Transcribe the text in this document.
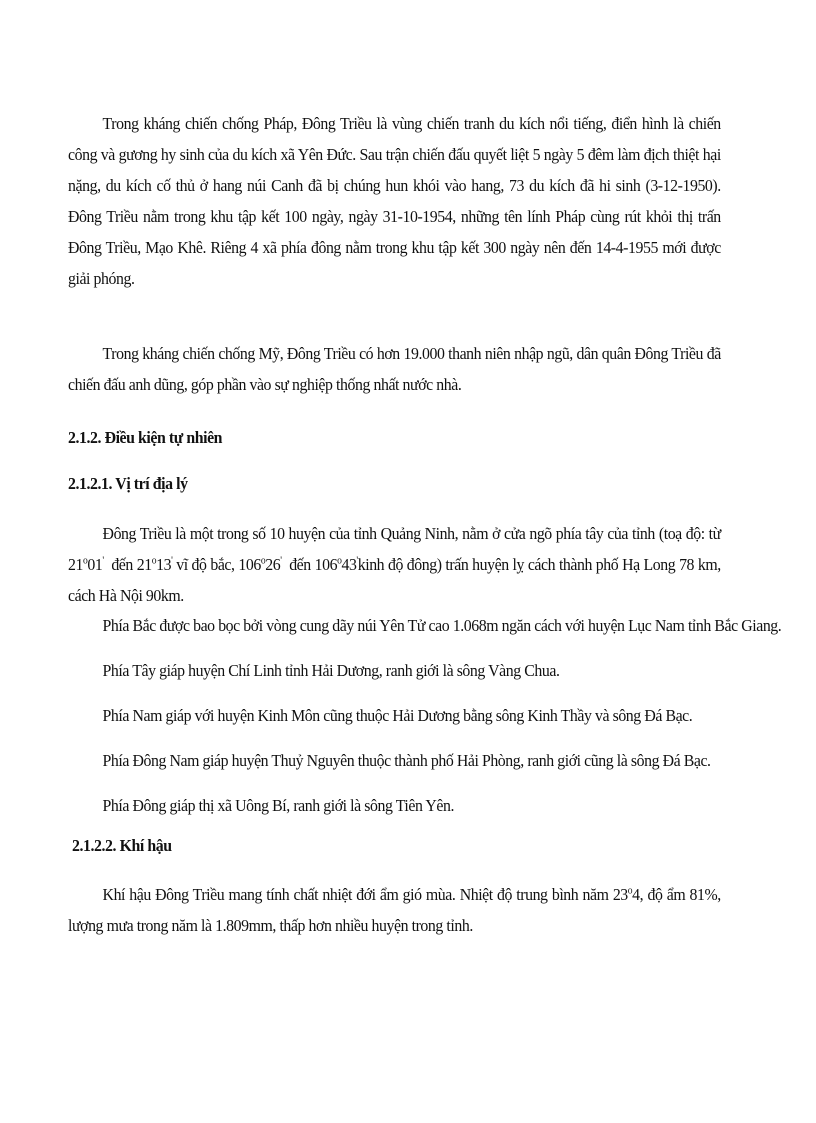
Trong kháng chiến chống Pháp, Đông Triều là vùng chiến tranh du kích nổi tiếng, điển hình là chiến công và gương hy sinh của du kích xã Yên Đức. Sau trận chiến đấu quyết liệt 5 ngày 5 đêm làm địch thiệt hại nặng, du kích cố thủ ở hang núi Canh đã bị chúng hun khói vào hang, 73 du kích đã hi sinh (3-12-1950). Đông Triều nằm trong khu tập kết 100 ngày, ngày 31-10-1954, những tên lính Pháp cùng rút khỏi thị trấn Đông Triều, Mạo Khê. Riêng 4 xã phía đông nằm trong khu tập kết 300 ngày nên đến 14-4-1955 mới được giải phóng.

Trong kháng chiến chống Mỹ, Đông Triều có hơn 19.000 thanh niên nhập ngũ, dân quân Đông Triều đã chiến đấu anh dũng, góp phần vào sự nghiệp thống nhất nước nhà.

2.1.2. Điều kiện tự nhiên
2.1.2.1. Vị trí địa lý

Đông Triều là một trong số 10 huyện của tỉnh Quảng Ninh, nằm ở cửa ngõ phía tây của tỉnh (toạ độ: từ 21$^o$01' đến 21$^o$13' vĩ độ bắc, 106$^o$26' đến 106$^o$43'kinh độ đông) trấn huyện lỵ cách thành phố Hạ Long 78 km, cách Hà Nội 90km.

Phía Bắc được bao bọc bởi vòng cung dãy núi Yên Tử cao 1.068m ngăn cách với huyện Lục Nam tỉnh Bắc Giang.

Phía Tây giáp huyện Chí Linh tỉnh Hải Dương, ranh giới là sông Vàng Chua.

Phía Nam giáp với huyện Kinh Môn cũng thuộc Hải Dương bằng sông Kinh Thầy và sông Đá Bạc.

Phía Đông Nam giáp huyện Thuỷ Nguyên thuộc thành phố Hải Phòng, ranh giới cũng là sông Đá Bạc.

Phía Đông giáp thị xã Uông Bí, ranh giới là sông Tiên Yên.

2.1.2.2. Khí hậu

Khí hậu Đông Triều mang tính chất nhiệt đới ẩm gió mùa. Nhiệt độ trung bình năm 23$^o$4, độ ẩm 81%, lượng mưa trong năm là 1.809mm, thấp hơn nhiều huyện trong tỉnh.
